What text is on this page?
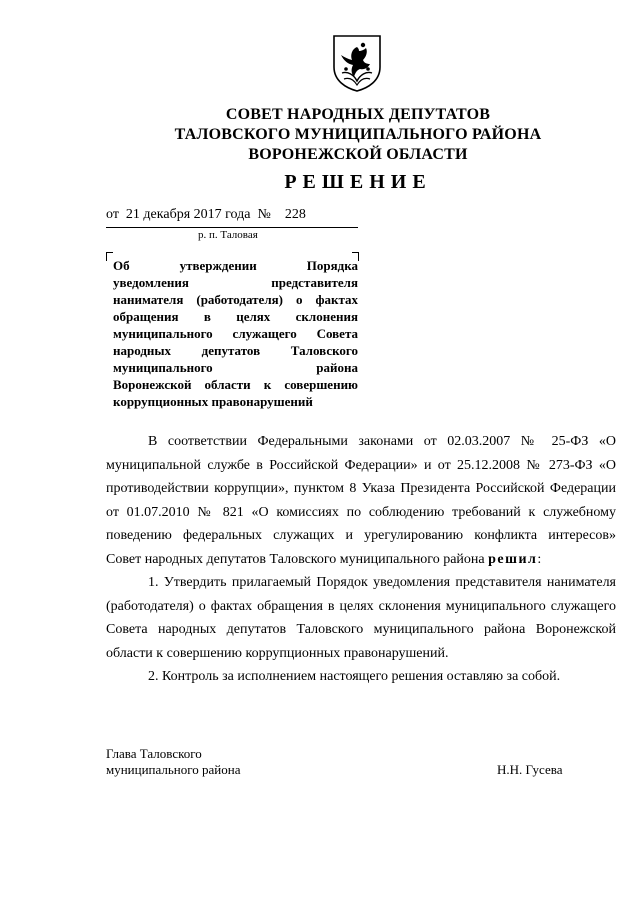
СОВЕТ НАРОДНЫХ ДЕПУТАТОВ
ТАЛОВСКОГО МУНИЦИПАЛЬНОГО РАЙОНА
ВОРОНЕЖСКОЙ ОБЛАСТИ
РЕШЕНИЕ
от  21 декабря 2017 года  №    228
р. п. Таловая
Об утверждении Порядка
уведомления представителя
нанимателя (работодателя) о фактах
обращения в целях склонения
муниципального служащего Совета
народных депутатов Таловского
муниципального района
Воронежской области к совершению
коррупционных правонарушений
В соответствии Федеральными законами от 02.03.2007 № 25-ФЗ «О
муниципальной службе в Российской Федерации» и от 25.12.2008 № 273-ФЗ «О
противодействии коррупции», пунктом 8 Указа Президента Российской Федерации
от 01.07.2010 № 821 «О комиссиях по соблюдению требований к служебному
поведению федеральных служащих и урегулированию конфликта интересов»
Совет народных депутатов Таловского муниципального района решил:
1. Утвердить прилагаемый Порядок уведомления представителя нанимателя
(работодателя) о фактах обращения в целях склонения муниципального служащего
Совета народных депутатов Таловского муниципального района Воронежской
области к совершению коррупционных правонарушений.
2. Контроль за исполнением настоящего решения оставляю за собой.
Глава Таловского
муниципального района	Н.Н. Гусева
